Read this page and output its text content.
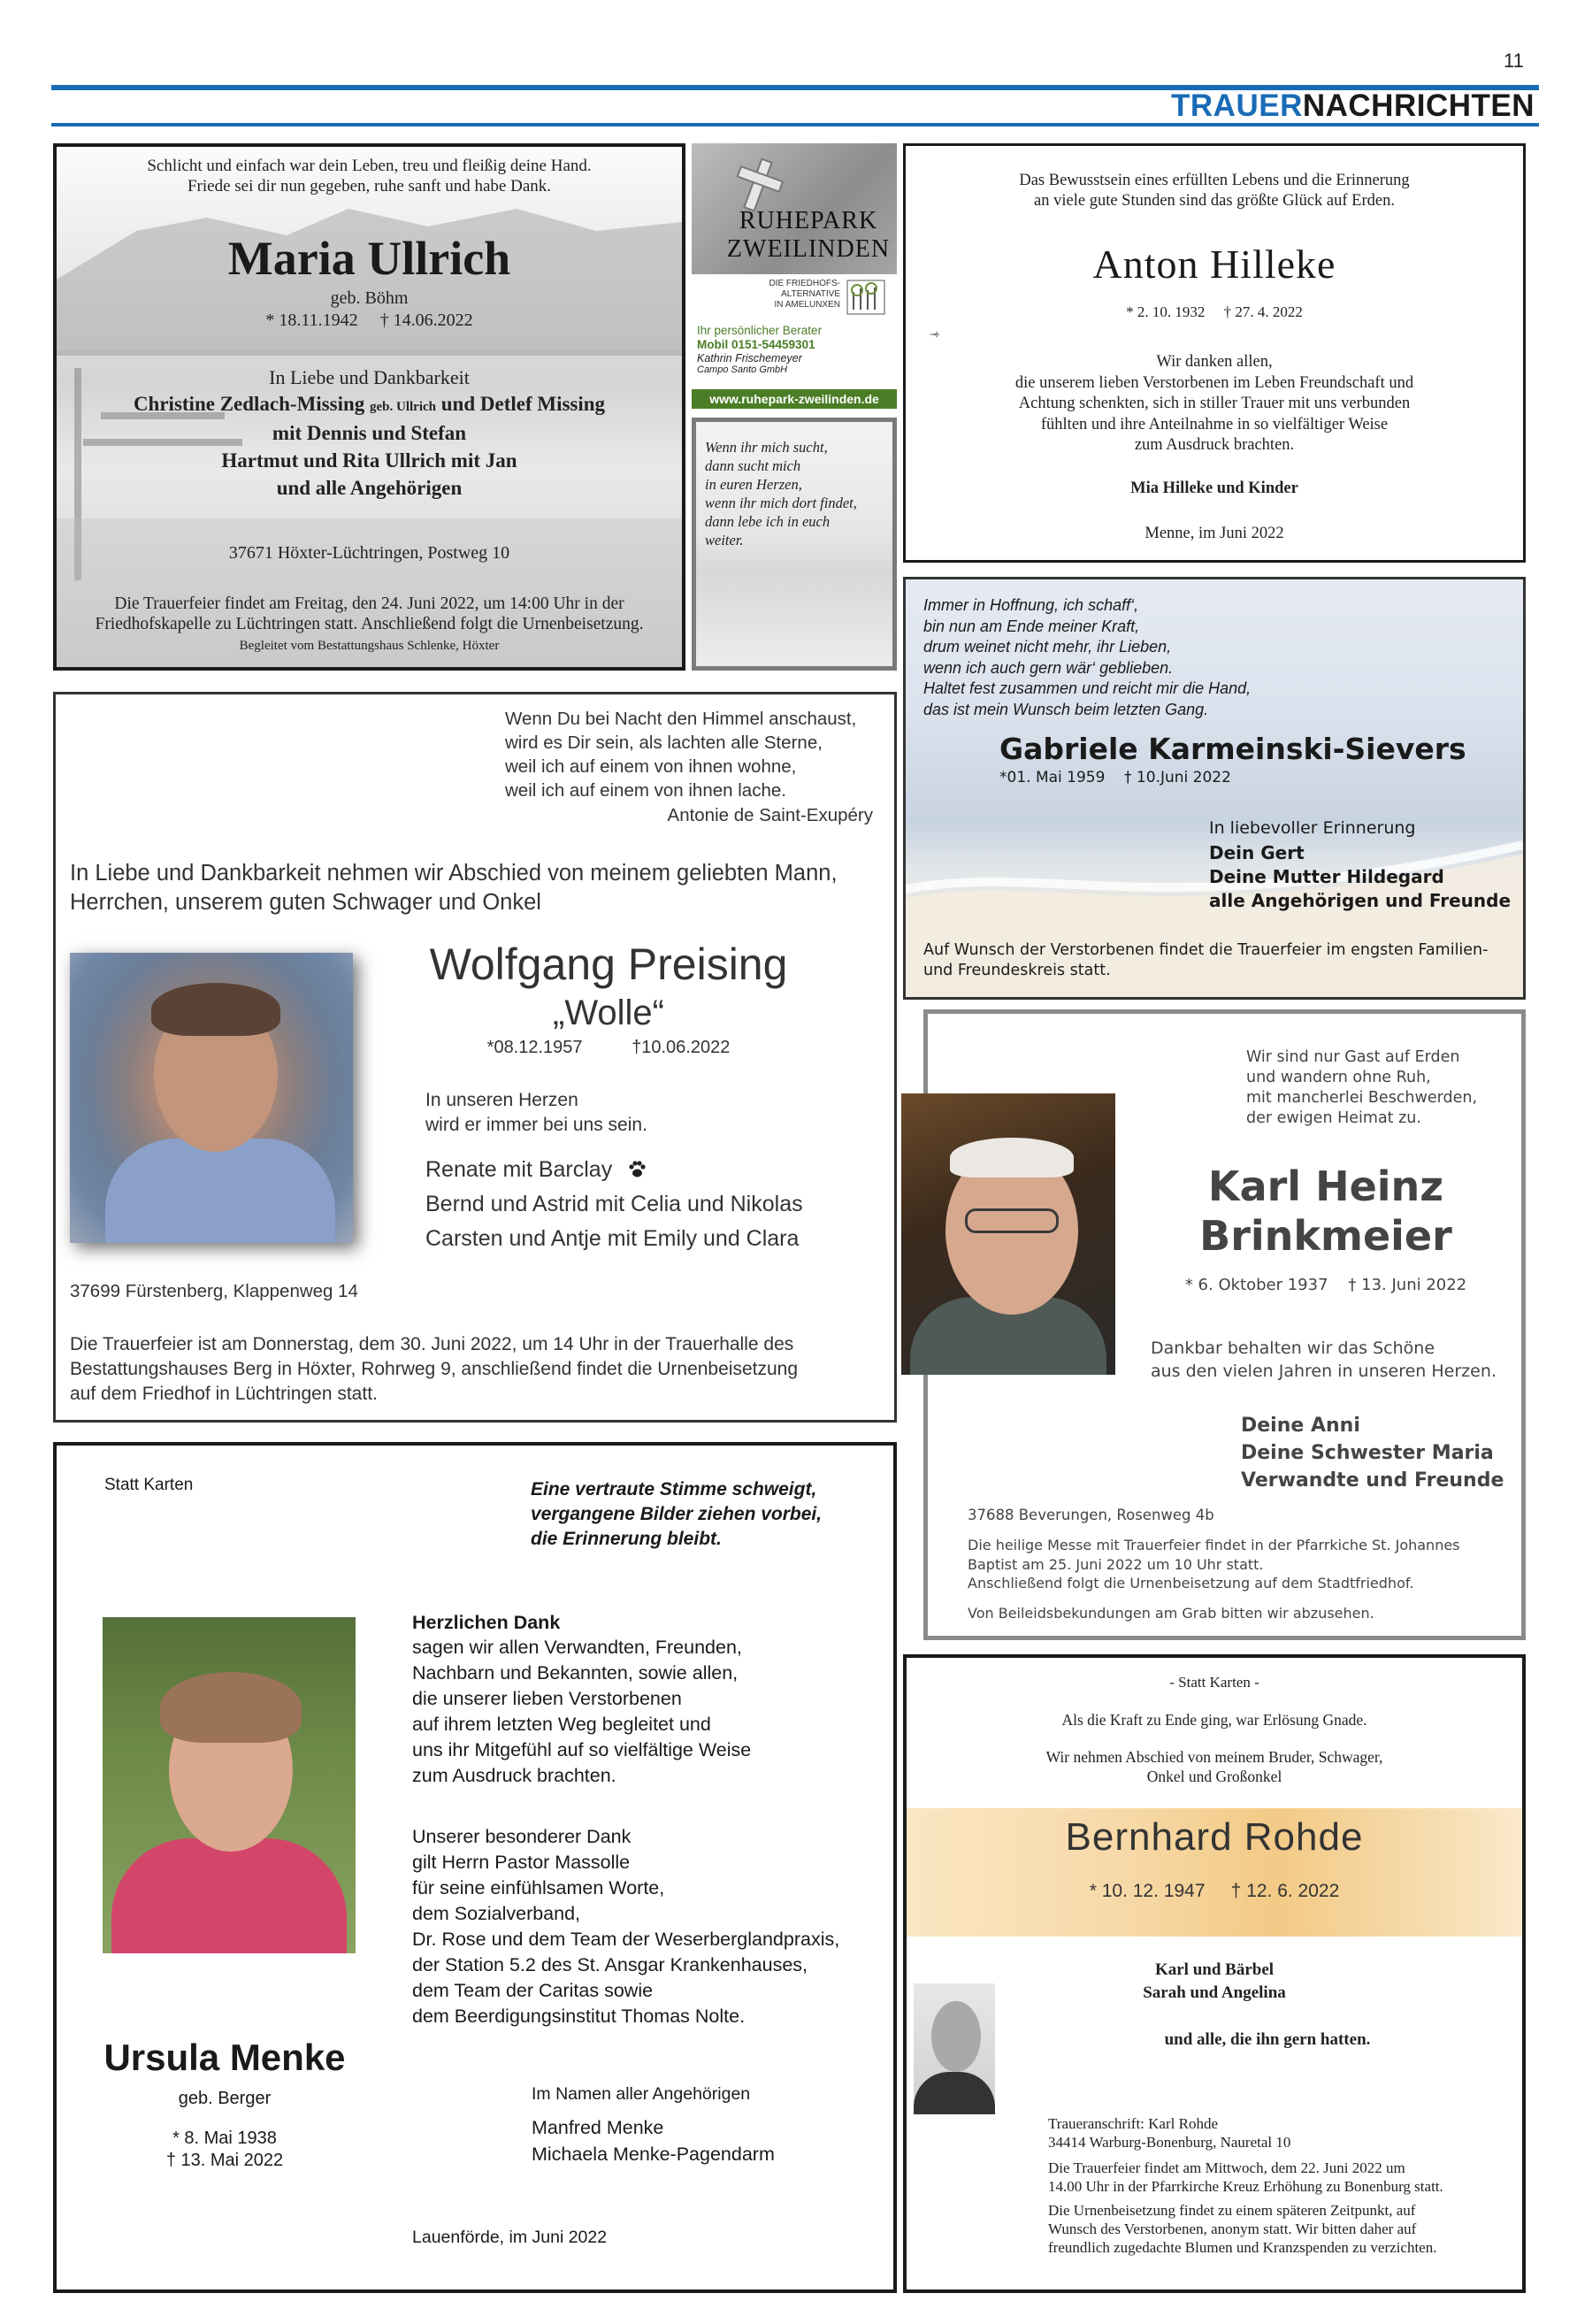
11
TRAUERNACHRICHTEN
Schlicht und einfach war dein Leben, treu und fleißig deine Hand.
Friede sei dir nun gegeben, ruhe sanft und habe Dank.
Maria Ullrich
geb. Böhm
* 18.11.1942     † 14.06.2022
In Liebe und Dankbarkeit
Christine Zedlach-Missing geb. Ullrich und Detlef Missing
mit Dennis und Stefan
Hartmut und Rita Ullrich mit Jan
und alle Angehörigen
37671 Höxter-Lüchtringen, Postweg 10
Die Trauerfeier findet am Freitag, den 24. Juni 2022, um 14:00 Uhr in der
Friedhofskapelle zu Lüchtringen statt. Anschließend folgt die Urnenbeisetzung.
Begleitet vom Bestattungshaus Schlenke, Höxter
RUHEPARK
ZWEILINDEN
DIE FRIEDHOFS-
ALTERNATIVE
IN AMELUNXEN
Ihr persönlicher Berater
Mobil 0151-54459301
Kathrin Frischemeyer
Campo Santo GmbH
www.ruhepark-zweilinden.de
Wenn ihr mich sucht,
dann sucht mich
in euren Herzen,
wenn ihr mich dort findet,
dann lebe ich in euch
weiter.
Das Bewusstsein eines erfüllten Lebens und die Erinnerung
an viele gute Stunden sind das größte Glück auf Erden.
Anton Hilleke
* 2. 10. 1932     † 27. 4. 2022
†
Wir danken allen,
die unserem lieben Verstorbenen im Leben Freundschaft und
Achtung schenkten, sich in stiller Trauer mit uns verbunden
fühlten und ihre Anteilnahme in so vielfältiger Weise
zum Ausdruck brachten.
Mia Hilleke und Kinder
Menne, im Juni 2022
Wenn Du bei Nacht den Himmel anschaust,
wird es Dir sein, als lachten alle Sterne,
weil ich auf einem von ihnen wohne,
weil ich auf einem von ihnen lache.
Antonie de Saint-Exupéry
In Liebe und Dankbarkeit nehmen wir Abschied von meinem geliebten Mann,
Herrchen, unserem guten Schwager und Onkel
Wolfgang Preising
„Wolle“
*08.12.1957          †10.06.2022
In unseren Herzen
wird er immer bei uns sein.
Renate mit Barclay
Bernd und Astrid mit Celia und Nikolas
Carsten und Antje mit Emily und Clara
37699 Fürstenberg, Klappenweg 14
Die Trauerfeier ist am Donnerstag, dem 30. Juni 2022, um 14 Uhr in der Trauerhalle des
Bestattungshauses Berg in Höxter, Rohrweg 9, anschließend findet die Urnenbeisetzung
auf dem Friedhof in Lüchtringen statt.
Immer in Hoffnung, ich schaff‘,
bin nun am Ende meiner Kraft,
drum weinet nicht mehr, ihr Lieben,
wenn ich auch gern wär‘ geblieben.
Haltet fest zusammen und reicht mir die Hand,
das ist mein Wunsch beim letzten Gang.
Gabriele Karmeinski-Sievers
*01. Mai 1959    † 10.Juni 2022
In liebevoller Erinnerung
Dein Gert
Deine Mutter Hildegard
alle Angehörigen und Freunde
Auf Wunsch der Verstorbenen findet die Trauerfeier im engsten Familien-
und Freundeskreis statt.
Wir sind nur Gast auf Erden
und wandern ohne Ruh,
mit mancherlei Beschwerden,
der ewigen Heimat zu.
Karl Heinz
Brinkmeier
* 6. Oktober 1937    † 13. Juni 2022
Dankbar behalten wir das Schöne
aus den vielen Jahren in unseren Herzen.
Deine Anni
Deine Schwester Maria
Verwandte und Freunde
37688 Beverungen, Rosenweg 4b
Die heilige Messe mit Trauerfeier findet in der Pfarrkiche St. Johannes
Baptist am 25. Juni 2022 um 10 Uhr statt.
Anschließend folgt die Urnenbeisetzung auf dem Stadtfriedhof.
Von Beileidsbekundungen am Grab bitten wir abzusehen.
Statt Karten	Eine vertraute Stimme schweigt,
vergangene Bilder ziehen vorbei,
die Erinnerung bleibt.
Herzlichen Dank
sagen wir allen Verwandten, Freunden,
Nachbarn und Bekannten, sowie allen,
die unserer lieben Verstorbenen
auf ihrem letzten Weg begleitet und
uns ihr Mitgefühl auf so vielfältige Weise
zum Ausdruck brachten.
Unserer besonderer Dank
gilt Herrn Pastor Massolle
für seine einfühlsamen Worte,
dem Sozialverband,
Dr. Rose und dem Team der Weserberglandpraxis,
der Station 5.2 des St. Ansgar Krankenhauses,
dem Team der Caritas sowie
dem Beerdigungsinstitut Thomas Nolte.
Ursula Menke
geb. Berger
* 8. Mai 1938
† 13. Mai 2022
Im Namen aller Angehörigen
Manfred Menke
Michaela Menke-Pagendarm
Lauenförde, im Juni 2022
- Statt Karten -
Als die Kraft zu Ende ging, war Erlösung Gnade.
Wir nehmen Abschied von meinem Bruder, Schwager,
Onkel und Großonkel
Bernhard Rohde
* 10. 12. 1947     † 12. 6. 2022
Karl und Bärbel
Sarah und Angelina
und alle, die ihn gern hatten.
Traueranschrift: Karl Rohde
34414 Warburg-Bonenburg, Nauretal 10
Die Trauerfeier findet am Mittwoch, dem 22. Juni 2022 um
14.00 Uhr in der Pfarrkirche Kreuz Erhöhung zu Bonenburg statt.
Die Urnenbeisetzung findet zu einem späteren Zeitpunkt, auf
Wunsch des Verstorbenen, anonym statt. Wir bitten daher auf
freundlich zugedachte Blumen und Kranzspenden zu verzichten.
